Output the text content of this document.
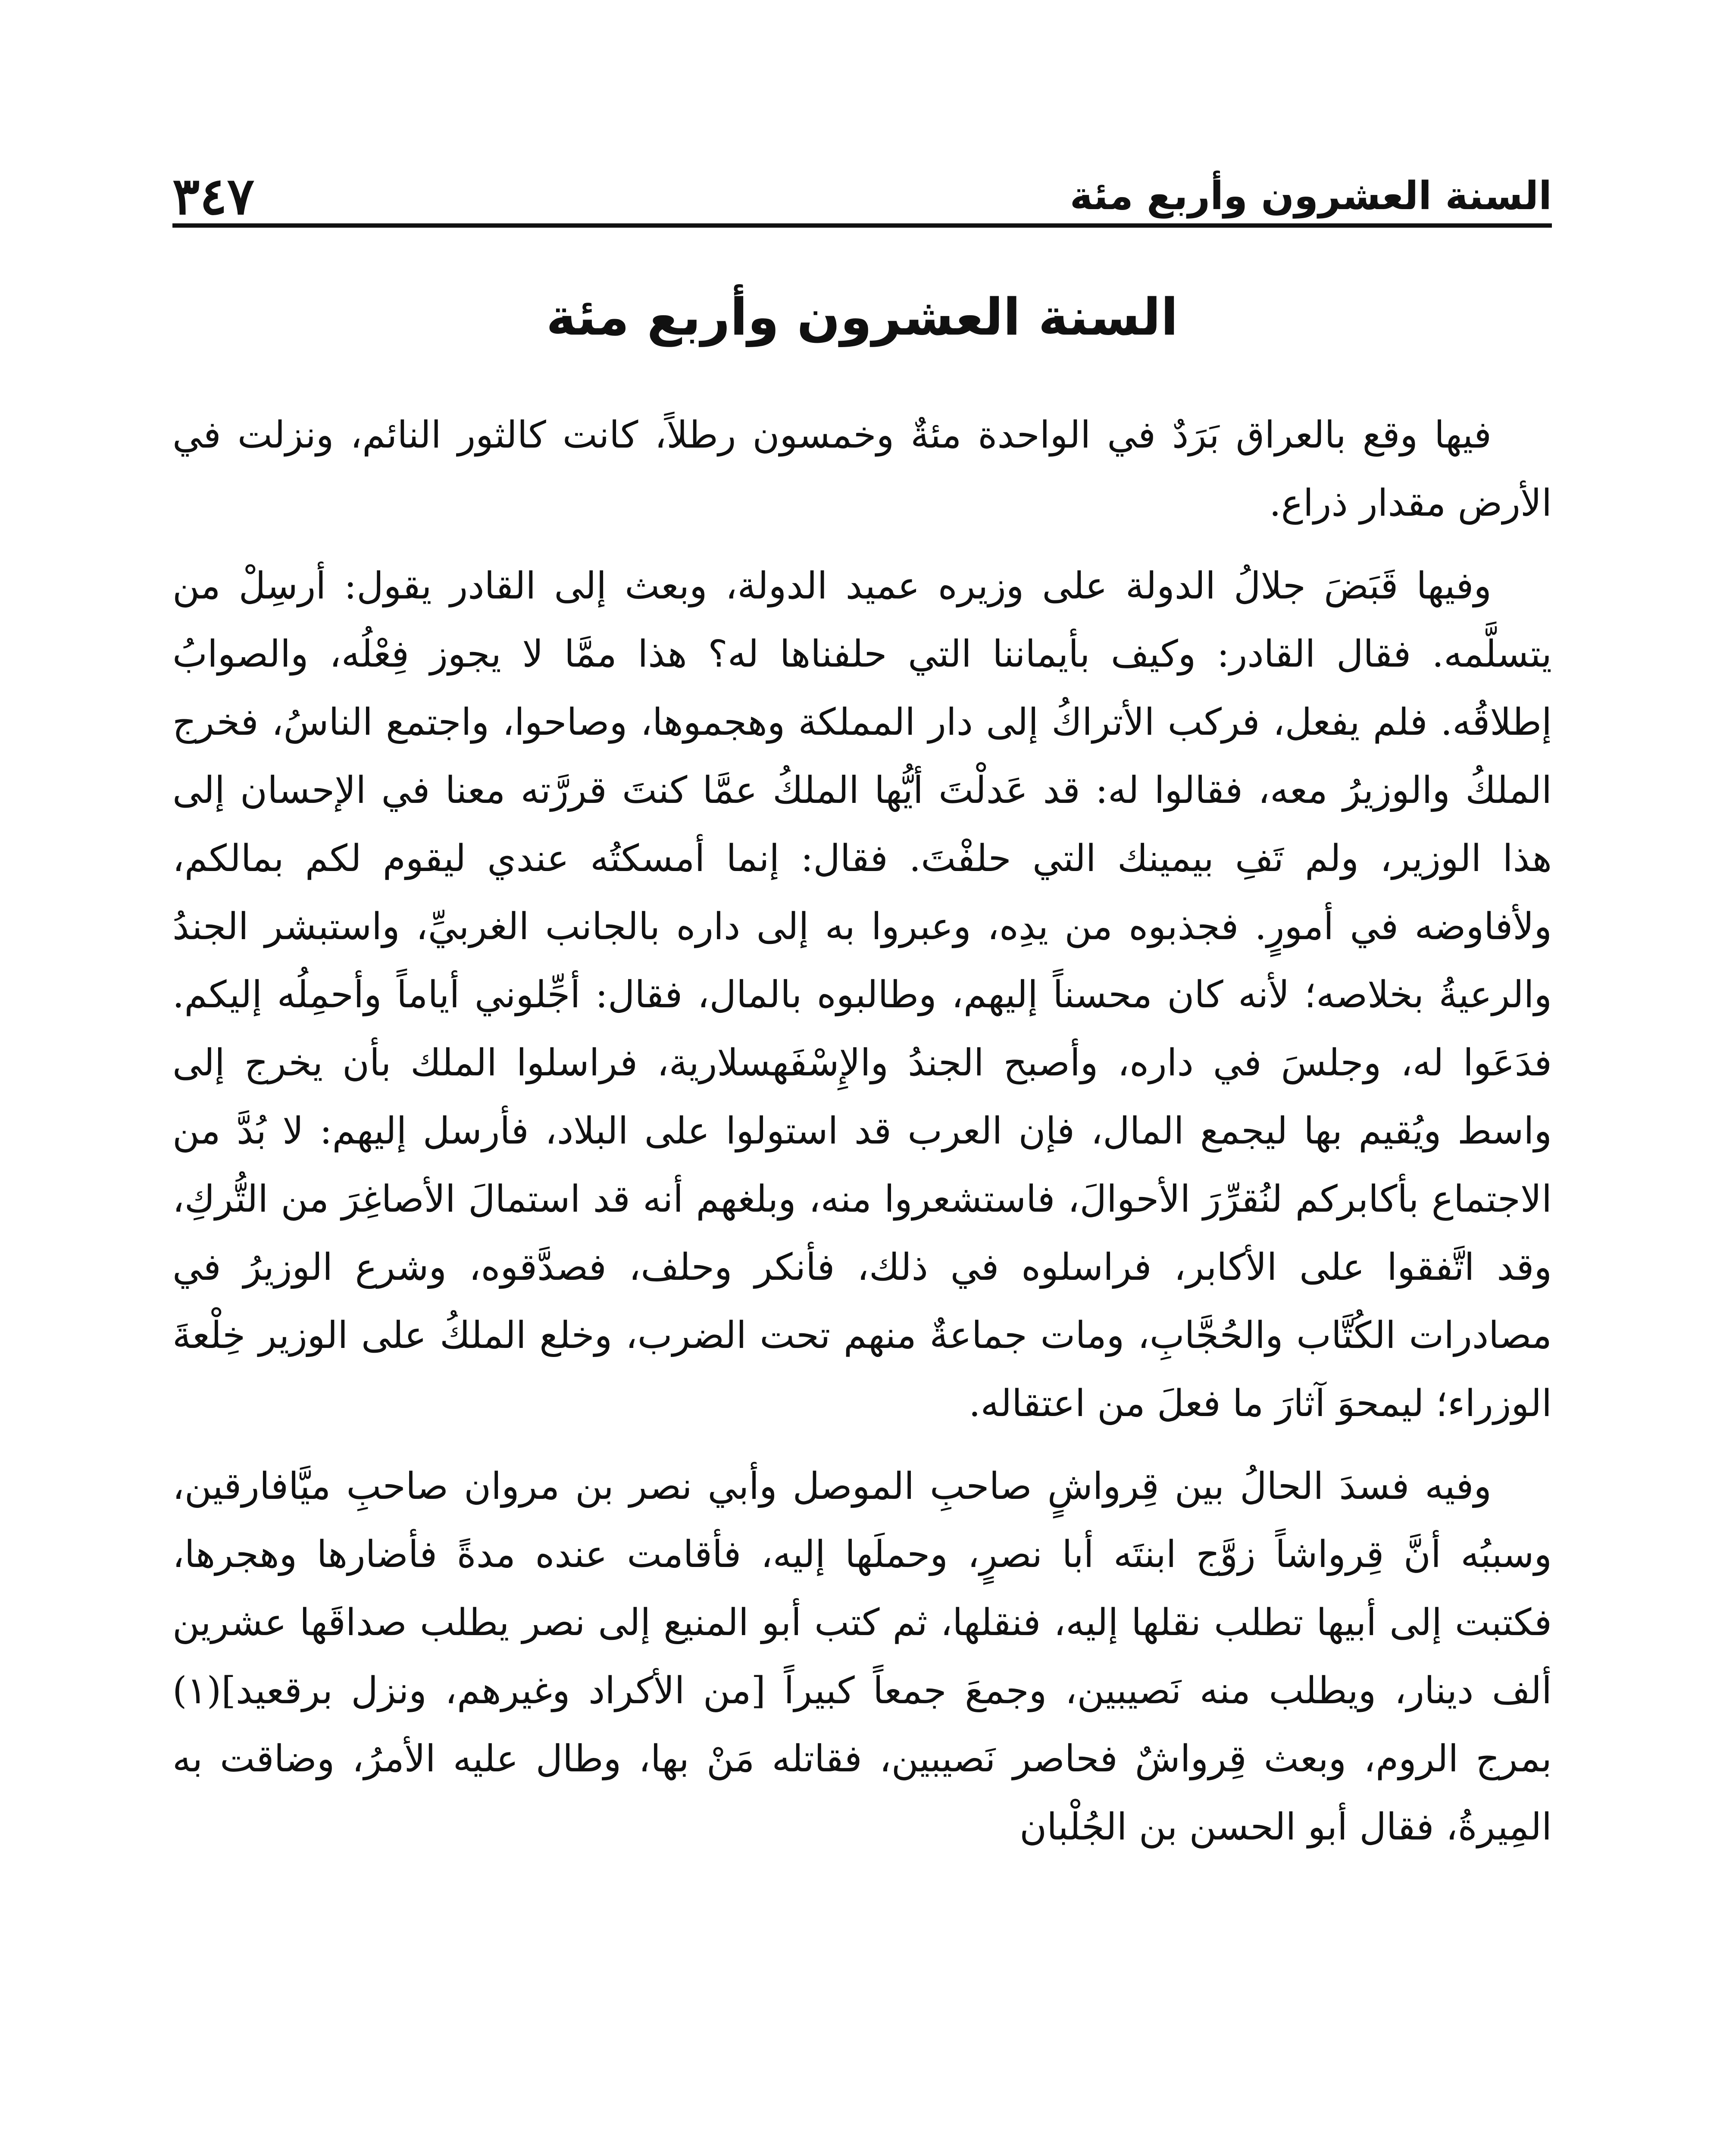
السنة العشرون وأربع مئة
٣٤٧
السنة العشرون وأربع مئة

فيها وقع بالعراق بَرَدٌ في الواحدة مئةٌ وخمسون رطلاً، كانت كالثور النائم، ونزلت في الأرض مقدار ذراع.

وفيها قَبَضَ جلالُ الدولة على وزيره عميد الدولة، وبعث إلى القادر يقول: أرسِلْ من يتسلَّمه. فقال القادر: وكيف بأيماننا التي حلفناها له؟ هذا ممَّا لا يجوز فِعْلُه، والصوابُ إطلاقُه. فلم يفعل، فركب الأتراكُ إلى دار المملكة وهجموها، وصاحوا، واجتمع الناسُ، فخرج الملكُ والوزيرُ معه، فقالوا له: قد عَدلْتَ أيُّها الملكُ عمَّا كنتَ قررَّته معنا في الإحسان إلى هذا الوزير، ولم تَفِ بيمينك التي حلفْتَ. فقال: إنما أمسكتُه عندي ليقوم لكم بمالكم، ولأفاوضه في أمورٍ. فجذبوه من يدِه، وعبروا به إلى داره بالجانب الغربيِّ، واستبشر الجندُ والرعيةُ بخلاصه؛ لأنه كان محسناً إليهم، وطالبوه بالمال، فقال: أجِّلوني أياماً وأحمِلُه إليكم. فدَعَوا له، وجلسَ في داره، وأصبح الجندُ والإِسْفَهسلارية، فراسلوا الملك بأن يخرج إلى واسط ويُقيم بها ليجمع المال، فإن العرب قد استولوا على البلاد، فأرسل إليهم: لا بُدَّ من الاجتماع بأكابركم لنُقرِّرَ الأحوالَ، فاستشعروا منه، وبلغهم أنه قد استمالَ الأصاغِرَ من التُّركِ، وقد اتَّفقوا على الأكابر، فراسلوه في ذلك، فأنكر وحلف، فصدَّقوه، وشرع الوزيرُ في مصادرات الكُتَّاب والحُجَّابِ، ومات جماعةٌ منهم تحت الضرب، وخلع الملكُ على الوزير خِلْعةَ الوزراء؛ ليمحوَ آثارَ ما فعلَ من اعتقاله.

وفيه فسدَ الحالُ بين قِرواشٍ صاحبِ الموصل وأبي نصر بن مروان صاحبِ ميَّافارقين، وسببُه أنَّ قِرواشاً زوَّج ابنتَه أبا نصرٍ، وحملَها إليه، فأقامت عنده مدةً فأضارها وهجرها، فكتبت إلى أبيها تطلب نقلها إليه، فنقلها، ثم كتب أبو المنيع إلى نصر يطلب صداقَها عشرين ألف دينار، ويطلب منه نَصيبين، وجمعَ جمعاً كبيراً [من الأكراد وغيرهم، ونزل برقعيد](١) بمرج الروم، وبعث قِرواشٌ فحاصر نَصيبين، فقاتله مَنْ بها، وطال عليه الأمرُ، وضاقت به المِيرةُ، فقال أبو الحسن بن الجُلْبان
